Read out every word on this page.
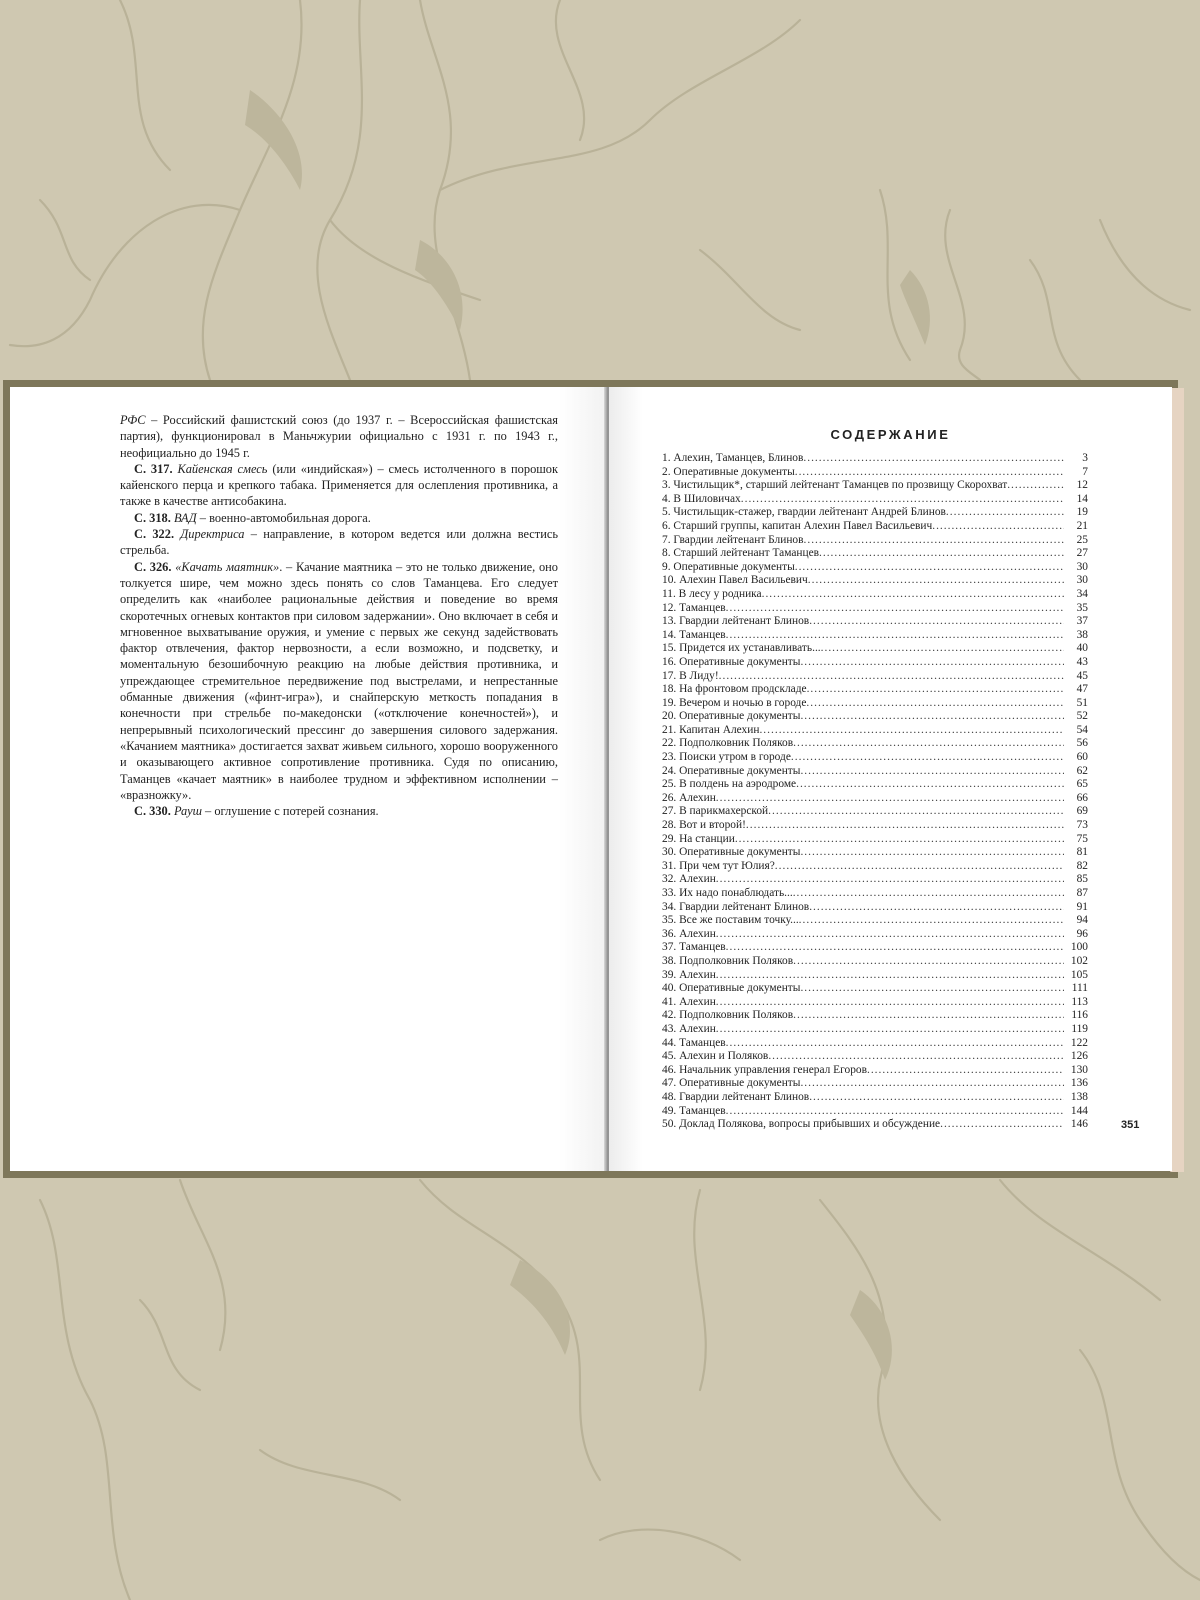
РФС – Российский фашистский союз (до 1937 г. – Всероссийская фашистская партия), функционировал в Маньчжурии официально с 1931 г. по 1943 г., неофициально до 1945 г.

С. 317. Кайенская смесь (или «индийская») – смесь истолченного в порошок кайенского перца и крепкого табака. Применяется для ослепления противника, а также в качестве антисобакина.

С. 318. ВАД – военно-автомобильная дорога.

С. 322. Директриса – направление, в котором ведется или должна вестись стрельба.

С. 326. «Качать маятник». – Качание маятника – это не только движение, оно толкуется шире, чем можно здесь понять со слов Таманцева. Его следует определить как «наиболее рациональные действия и поведение во время скоротечных огневых контактов при силовом задержании». Оно включает в себя и мгновенное выхватывание оружия, и умение с первых же секунд задействовать фактор отвлечения, фактор нервозности, а если возможно, и подсветку, и моментальную безошибочную реакцию на любые действия противника, и упреждающее стремительное передвижение под выстрелами, и непрестанные обманные движения («финт-игра»), и снайперскую меткость попадания в конечности при стрельбе по-македонски («отключение конечностей»), и непрерывный психологический прессинг до завершения силового задержания. «Качанием маятника» достигается захват живьем сильного, хорошо вооруженного и оказывающего активное сопротивление противника. Судя по описанию, Таманцев «качает маятник» в наиболее трудном и эффективном исполнении – «вразножку».

С. 330. Рауш – оглушение с потерей сознания.

СОДЕРЖАНИЕ
1. Алехин, Таманцев, Блинов .....	3
2. Оперативные документы .....	7
3. Чистильщик*, старший лейтенант Таманцев по прозвищу Скорохват .....	12
4. В Шиловичах .....	14
5. Чистильщик-стажер, гвардии лейтенант Андрей Блинов .....	19
6. Старший группы, капитан Алехин Павел Васильевич .....	21
7. Гвардии лейтенант Блинов .....	25
8. Старший лейтенант Таманцев .....	27
9. Оперативные документы .....	30
10. Алехин Павел Васильевич .....	30
11. В лесу у родника .....	34
12. Таманцев .....	35
13. Гвардии лейтенант Блинов .....	37
14. Таманцев .....	38
15. Придется их устанавливать... .....	40
16. Оперативные документы .....	43
17. В Лиду! .....	45
18. На фронтовом продскладе .....	47
19. Вечером и ночью в городе .....	51
20. Оперативные документы .....	52
21. Капитан Алехин .....	54
22. Подполковник Поляков .....	56
23. Поиски утром в городе .....	60
24. Оперативные документы .....	62
25. В полдень на аэродроме .....	65
26. Алехин .....	66
27. В парикмахерской .....	69
28. Вот и второй! .....	73
29. На станции .....	75
30. Оперативные документы .....	81
31. При чем тут Юлия? .....	82
32. Алехин .....	85
33. Их надо понаблюдать... .....	87
34. Гвардии лейтенант Блинов .....	91
35. Все же поставим точку... .....	94
36. Алехин .....	96
37. Таманцев .....	100
38. Подполковник Поляков .....	102
39. Алехин .....	105
40. Оперативные документы .....	111
41. Алехин .....	113
42. Подполковник Поляков .....	116
43. Алехин .....	119
44. Таманцев .....	122
45. Алехин и Поляков .....	126
46. Начальник управления генерал Егоров .....	130
47. Оперативные документы .....	136
48. Гвардии лейтенант Блинов .....	138
49. Таманцев .....	144
50. Доклад Полякова, вопросы прибывших и обсуждение .....	146	351
